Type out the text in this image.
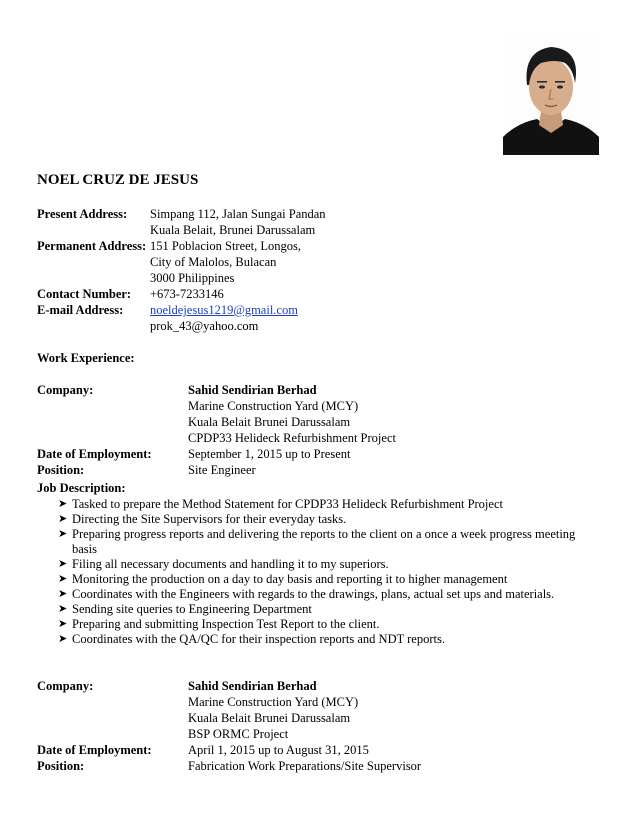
NOEL CRUZ DE JESUS
Present Address: Simpang 112, Jalan Sungai Pandan
Kuala Belait, Brunei Darussalam
Permanent Address: 151 Poblacion Street, Longos,
City of Malolos, Bulacan
3000 Philippines
Contact Number: +673-7233146
E-mail Address: noeldejesus1219@gmail.com
prok_43@yahoo.com
Work Experience:
Company:	Sahid Sendirian Berhad
Marine Construction Yard (MCY)
Kuala Belait Brunei Darussalam
CPDP33 Helideck Refurbishment Project
Date of Employment:	September 1, 2015 up to Present
Position:	Site Engineer
Job Description:
➤ Tasked to prepare the Method Statement for CPDP33 Helideck Refurbishment Project
➤ Directing the Site Supervisors for their everyday tasks.
➤ Preparing progress reports and delivering the reports to the client on a once a week progress meeting basis
➤ Filing all necessary documents and handling it to my superiors.
➤ Monitoring the production on a day to day basis and reporting it to higher management
➤ Coordinates with the Engineers with regards to the drawings, plans, actual set ups and materials.
➤ Sending site queries to Engineering Department
➤ Preparing and submitting Inspection Test Report to the client.
➤ Coordinates with the QA/QC for their inspection reports and NDT reports.
Company:	Sahid Sendirian Berhad
Marine Construction Yard (MCY)
Kuala Belait Brunei Darussalam
BSP ORMC Project
Date of Employment:	April 1, 2015 up to August 31, 2015
Position:	Fabrication Work Preparations/Site Supervisor
